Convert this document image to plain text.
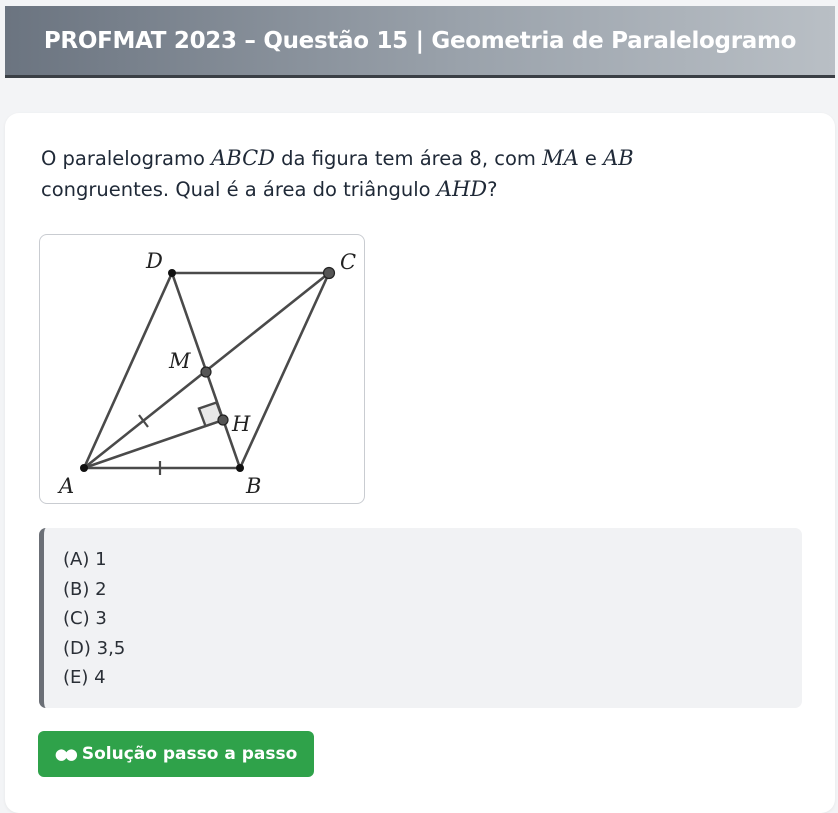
PROFMAT 2023 – Questão 15 | Geometria de Paralelogramo
O paralelogramo ABCD da figura tem área 8, com MA e AB
congruentes. Qual é a área do triângulo AHD?
A	B
C
D
M
H
(A) 1
(B) 2
(C) 3
(D) 3,5
(E) 4
●● Solução passo a passo
